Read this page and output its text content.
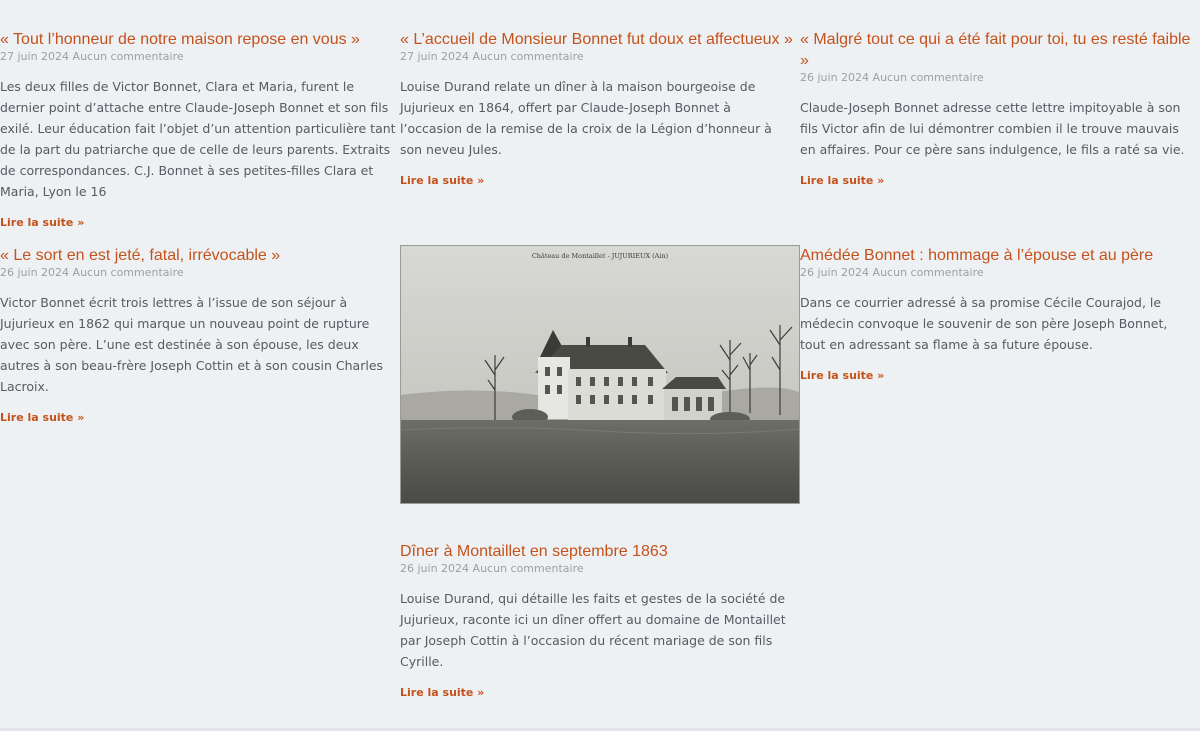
« Tout l’honneur de notre maison repose en vous »
27 juin 2024 Aucun commentaire

Les deux filles de Victor Bonnet, Clara et Maria, furent le dernier point d’attache entre Claude-Joseph Bonnet et son fils exilé. Leur éducation fait l’objet d’un attention particulière tant de la part du patriarche que de celle de leurs parents. Extraits de correspondances. C.J. Bonnet à ses petites-filles Clara et Maria, Lyon le 16

Lire la suite »
« L’accueil de Monsieur Bonnet fut doux et affectueux »
27 juin 2024 Aucun commentaire

Louise Durand relate un dîner à la maison bourgeoise de Jujurieux en 1864, offert par Claude-Joseph Bonnet à l’occasion de la remise de la croix de la Légion d’honneur à son neveu Jules.

Lire la suite »
« Malgré tout ce qui a été fait pour toi, tu es resté faible »
26 juin 2024 Aucun commentaire

Claude-Joseph Bonnet adresse cette lettre impitoyable à son fils Victor afin de lui démontrer combien il le trouve mauvais en affaires. Pour ce père sans indulgence, le fils a raté sa vie.

Lire la suite »
« Le sort en est jeté, fatal, irrévocable »
26 juin 2024 Aucun commentaire

Victor Bonnet écrit trois lettres à l’issue de son séjour à Jujurieux en 1862 qui marque un nouveau point de rupture avec son père. L’une est destinée à son épouse, les deux autres à son beau-frère Joseph Cottin et à son cousin Charles Lacroix.

Lire la suite »
Château de Montaillet - JUJURIEUX (Ain)
Dîner à Montaillet en septembre 1863
26 juin 2024 Aucun commentaire

Louise Durand, qui détaille les faits et gestes de la société de Jujurieux, raconte ici un dîner offert au domaine de Montaillet par Joseph Cottin à l’occasion du récent mariage de son fils Cyrille.

Lire la suite »
Amédée Bonnet : hommage à l’épouse et au père
26 juin 2024 Aucun commentaire

Dans ce courrier adressé à sa promise Cécile Courajod, le médecin convoque le souvenir de son père Joseph Bonnet, tout en adressant sa flame à sa future épouse.

Lire la suite »
